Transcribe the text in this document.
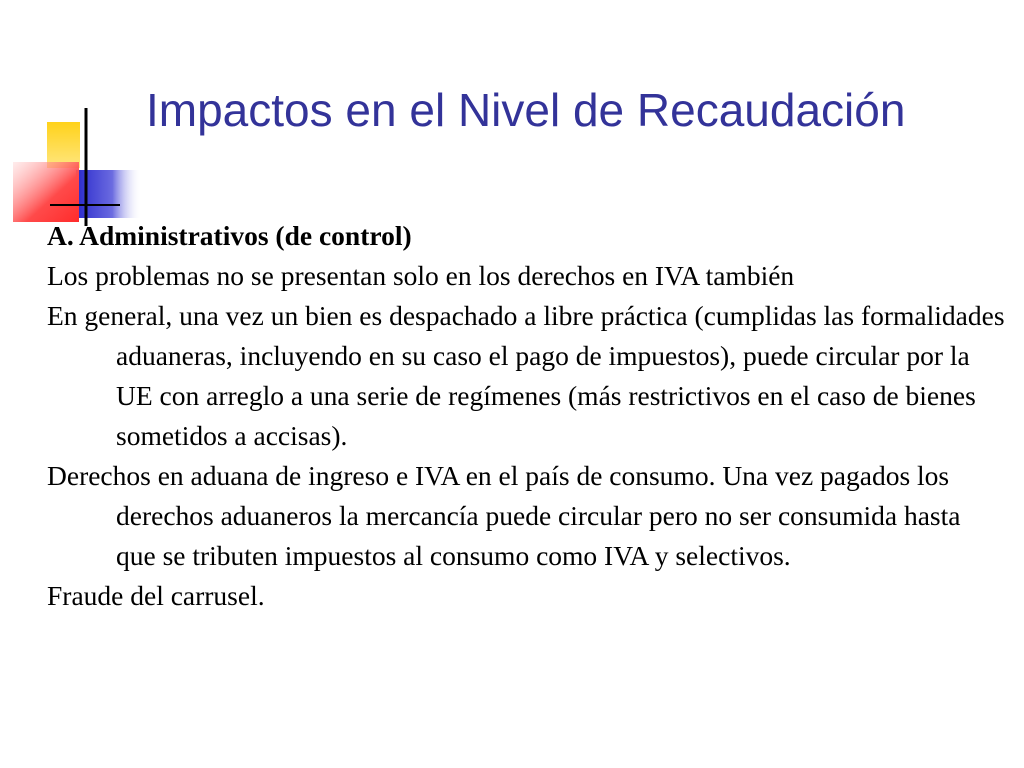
Impactos en el Nivel de Recaudación

A. Administrativos (de control)

Los problemas no se presentan solo en los derechos en IVA también

En general, una vez un bien es despachado a libre práctica (cumplidas las formalidades aduaneras, incluyendo en su caso el pago de impuestos), puede circular por la UE con arreglo a una serie de regímenes (más restrictivos en el caso de bienes sometidos a accisas).

Derechos en aduana de ingreso e IVA en el país de consumo. Una vez pagados los derechos aduaneros la mercancía puede circular pero no ser consumida hasta que se tributen impuestos al consumo como IVA y selectivos.

Fraude del carrusel.
